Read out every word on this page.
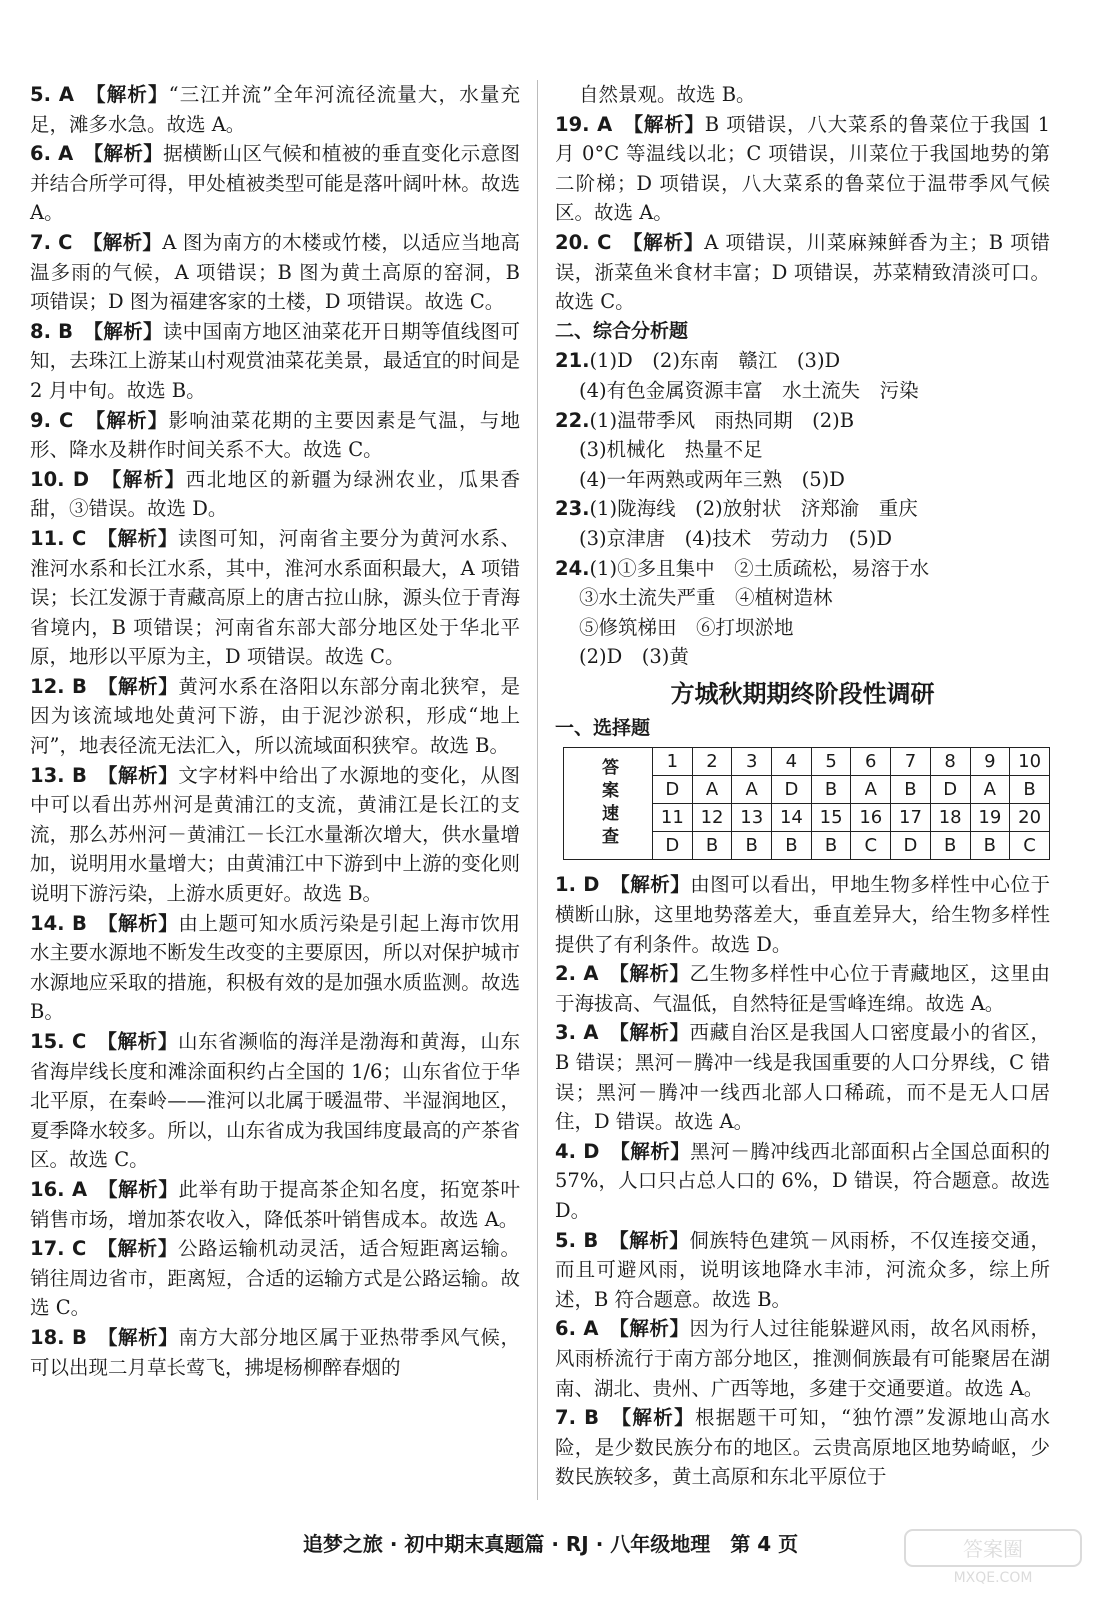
5. A　 【解析】“三江并流”全年河流径流量大，水量充足，滩多水急。故选 A。

6. A　 【解析】据横断山区气候和植被的垂直变化示意图并结合所学可得，甲处植被类型可能是落叶阔叶林。故选 A。

7. C　 【解析】A 图为南方的木楼或竹楼，以适应当地高温多雨的气候，A 项错误；B 图为黄土高原的窑洞，B 项错误；D 图为福建客家的土楼，D 项错误。故选 C。

8. B　 【解析】读中国南方地区油菜花开日期等值线图可知，去珠江上游某山村观赏油菜花美景，最适宜的时间是 2 月中旬。故选 B。

9. C　 【解析】影响油菜花期的主要因素是气温，与地形、降水及耕作时间关系不大。故选 C。

10. D　 【解析】西北地区的新疆为绿洲农业，瓜果香甜，③错误。故选 D。

11. C　 【解析】读图可知，河南省主要分为黄河水系、淮河水系和长江水系，其中，淮河水系面积最大，A 项错误；长江发源于青藏高原上的唐古拉山脉，源头位于青海省境内，B 项错误；河南省东部大部分地区处于华北平原，地形以平原为主，D 项错误。故选 C。

12. B　 【解析】黄河水系在洛阳以东部分南北狭窄，是因为该流域地处黄河下游，由于泥沙淤积，形成“地上河”，地表径流无法汇入，所以流域面积狭窄。故选 B。

13. B　 【解析】文字材料中给出了水源地的变化，从图中可以看出苏州河是黄浦江的支流，黄浦江是长江的支流，那么苏州河－黄浦江－长江水量渐次增大，供水量增加，说明用水量增大；由黄浦江中下游到中上游的变化则说明下游污染，上游水质更好。故选 B。

14. B　 【解析】由上题可知水质污染是引起上海市饮用水主要水源地不断发生改变的主要原因，所以对保护城市水源地应采取的措施，积极有效的是加强水质监测。故选 B。

15. C　 【解析】山东省濒临的海洋是渤海和黄海，山东省海岸线长度和滩涂面积约占全国的 1/6；山东省位于华北平原，在秦岭——淮河以北属于暖温带、半湿润地区，夏季降水较多。所以，山东省成为我国纬度最高的产茶省区。故选 C。

16. A　 【解析】此举有助于提高茶企知名度，拓宽茶叶销售市场，增加茶农收入，降低茶叶销售成本。故选 A。

17. C　 【解析】公路运输机动灵活，适合短距离运输。销往周边省市，距离短，合适的运输方式是公路运输。故选 C。

18. B　 【解析】南方大部分地区属于亚热带季风气候，可以出现二月草长莺飞，拂堤杨柳醉春烟的

自然景观。故选 B。

19. A　 【解析】B 项错误，八大菜系的鲁菜位于我国 1 月 0°C 等温线以北；C 项错误，川菜位于我国地势的第二阶梯；D 项错误，八大菜系的鲁菜位于温带季风气候区。故选 A。

20. C　 【解析】A 项错误，川菜麻辣鲜香为主；B 项错误，浙菜鱼米食材丰富；D 项错误，苏菜精致清淡可口。故选 C。

二、综合分析题

21.(1)D　(2)东南　赣江　(3)D
(4)有色金属资源丰富　水土流失　污染
22.(1)温带季风　雨热同期　(2)B
(3)机械化　热量不足
(4)一年两熟或两年三熟　(5)D
23.(1)陇海线　(2)放射状　济郑渝　重庆
(3)京津唐　(4)技术　劳动力　(5)D
24.(1)①多且集中　②土质疏松，易溶于水
③水土流失严重　④植树造林
⑤修筑梯田　⑥打坝淤地
(2)D　(3)黄

方城秋期期终阶段性调研

一、选择题

答案速查	1	2	3	4	5	6	7	8	9	10
	D	A	A	D	B	A	B	D	A	B
	11	12	13	14	15	16	17	18	19	20
	D	B	B	B	B	C	D	B	B	C

1. D　 【解析】由图可以看出，甲地生物多样性中心位于横断山脉，这里地势落差大，垂直差异大，给生物多样性提供了有利条件。故选 D。

2. A　 【解析】乙生物多样性中心位于青藏地区，这里由于海拔高、气温低，自然特征是雪峰连绵。故选 A。

3. A　 【解析】西藏自治区是我国人口密度最小的省区，B 错误；黑河－腾冲一线是我国重要的人口分界线，C 错误；黑河－腾冲一线西北部人口稀疏，而不是无人口居住，D 错误。故选 A。

4. D　 【解析】黑河－腾冲线西北部面积占全国总面积的 57%，人口只占总人口的 6%，D 错误，符合题意。故选 D。

5. B　 【解析】侗族特色建筑－风雨桥，不仅连接交通，而且可避风雨，说明该地降水丰沛，河流众多，综上所述，B 符合题意。故选 B。

6. A　 【解析】因为行人过往能躲避风雨，故名风雨桥，风雨桥流行于南方部分地区，推测侗族最有可能聚居在湖南、湖北、贵州、广西等地，多建于交通要道。故选 A。

7. B　 【解析】根据题干可知，“独竹漂”发源地山高水险，是少数民族分布的地区。云贵高原地区地势崎岖，少数民族较多，黄土高原和东北平原位于

追梦之旅 · 初中期末真题篇 · RJ · 八年级地理　第 4 页	答案圈
MXQE.COM
